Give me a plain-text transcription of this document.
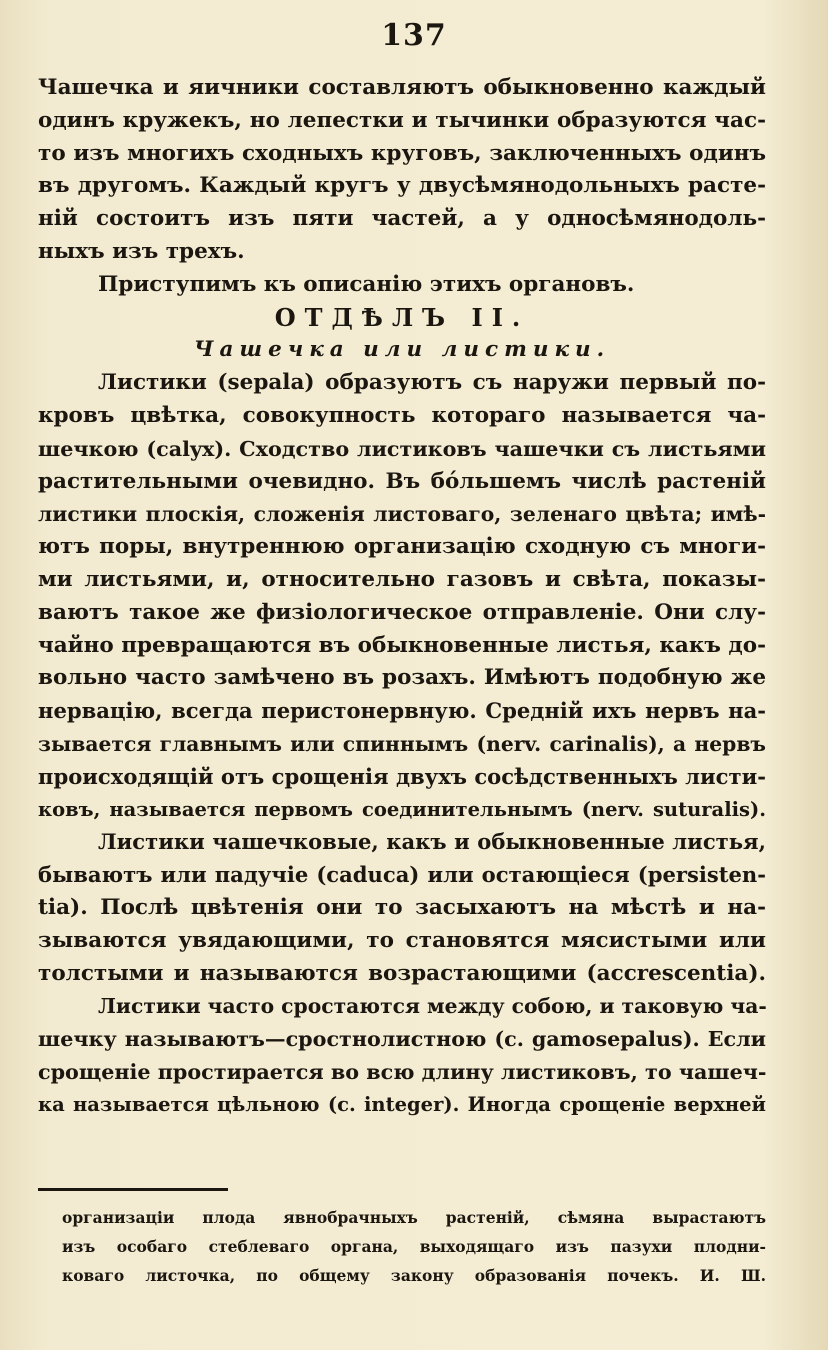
137
Чашечка и яичники составляютъ обыкновенно каждый
одинъ кружекъ, но лепестки и тычинки образуются час-
то изъ многихъ сходныхъ круговъ, заключенныхъ одинъ
въ другомъ. Каждый кругъ у двусѣмянодольныхъ расте-
ній состоитъ изъ пяти частей, а у односѣмянодоль-
ныхъ изъ трехъ.
Приступимъ къ описанію этихъ органовъ.
ОТДѢЛЪ II.
Чашечка или листики.
Листики (sepala) образуютъ съ наружи первый по-
кровъ цвѣтка, совокупность котораго называется ча-
шечкою (calyx). Сходство листиковъ чашечки съ листьями
растительными очевидно. Въ бо́льшемъ числѣ растеній
листики плоскія, сложенія листоваго, зеленаго цвѣта; имѣ-
ютъ поры, внутреннюю организацію сходную съ многи-
ми листьями, и, относительно газовъ и свѣта, показы-
ваютъ такое же физіологическое отправленіе. Они слу-
чайно превращаются въ обыкновенные листья, какъ до-
вольно часто замѣчено въ розахъ. Имѣютъ подобную же
нервацію, всегда перистонервную. Средній ихъ нервъ на-
зывается главнымъ или спиннымъ (nerv. carinalis), а нервъ
происходящій отъ срощенія двухъ сосѣдственныхъ листи-
ковъ, называется первомъ соединительнымъ (nerv. suturalis).
Листики чашечковые, какъ и обыкновенные листья,
бываютъ или падучіе (caduca) или остающіеся (persisten-
tia). Послѣ цвѣтенія они то засыхаютъ на мѣстѣ и на-
зываются увядающими, то становятся мясистыми или
толстыми и называются возрастающими (accrescentia).
Листики часто сростаются между собою, и таковую ча-
шечку называютъ—сростнолистною (c. gamosepalus). Если
срощеніе простирается во всю длину листиковъ, то чашеч-
ка называется цѣльною (c. integer). Иногда срощеніе верхней
организаціи плода явнобрачныхъ растеній, сѣмяна вырастаютъ
изъ особаго стеблеваго органа, выходящаго изъ пазухи плодни-
коваго листочка, по общему закону образованія почекъ. И. Ш.
